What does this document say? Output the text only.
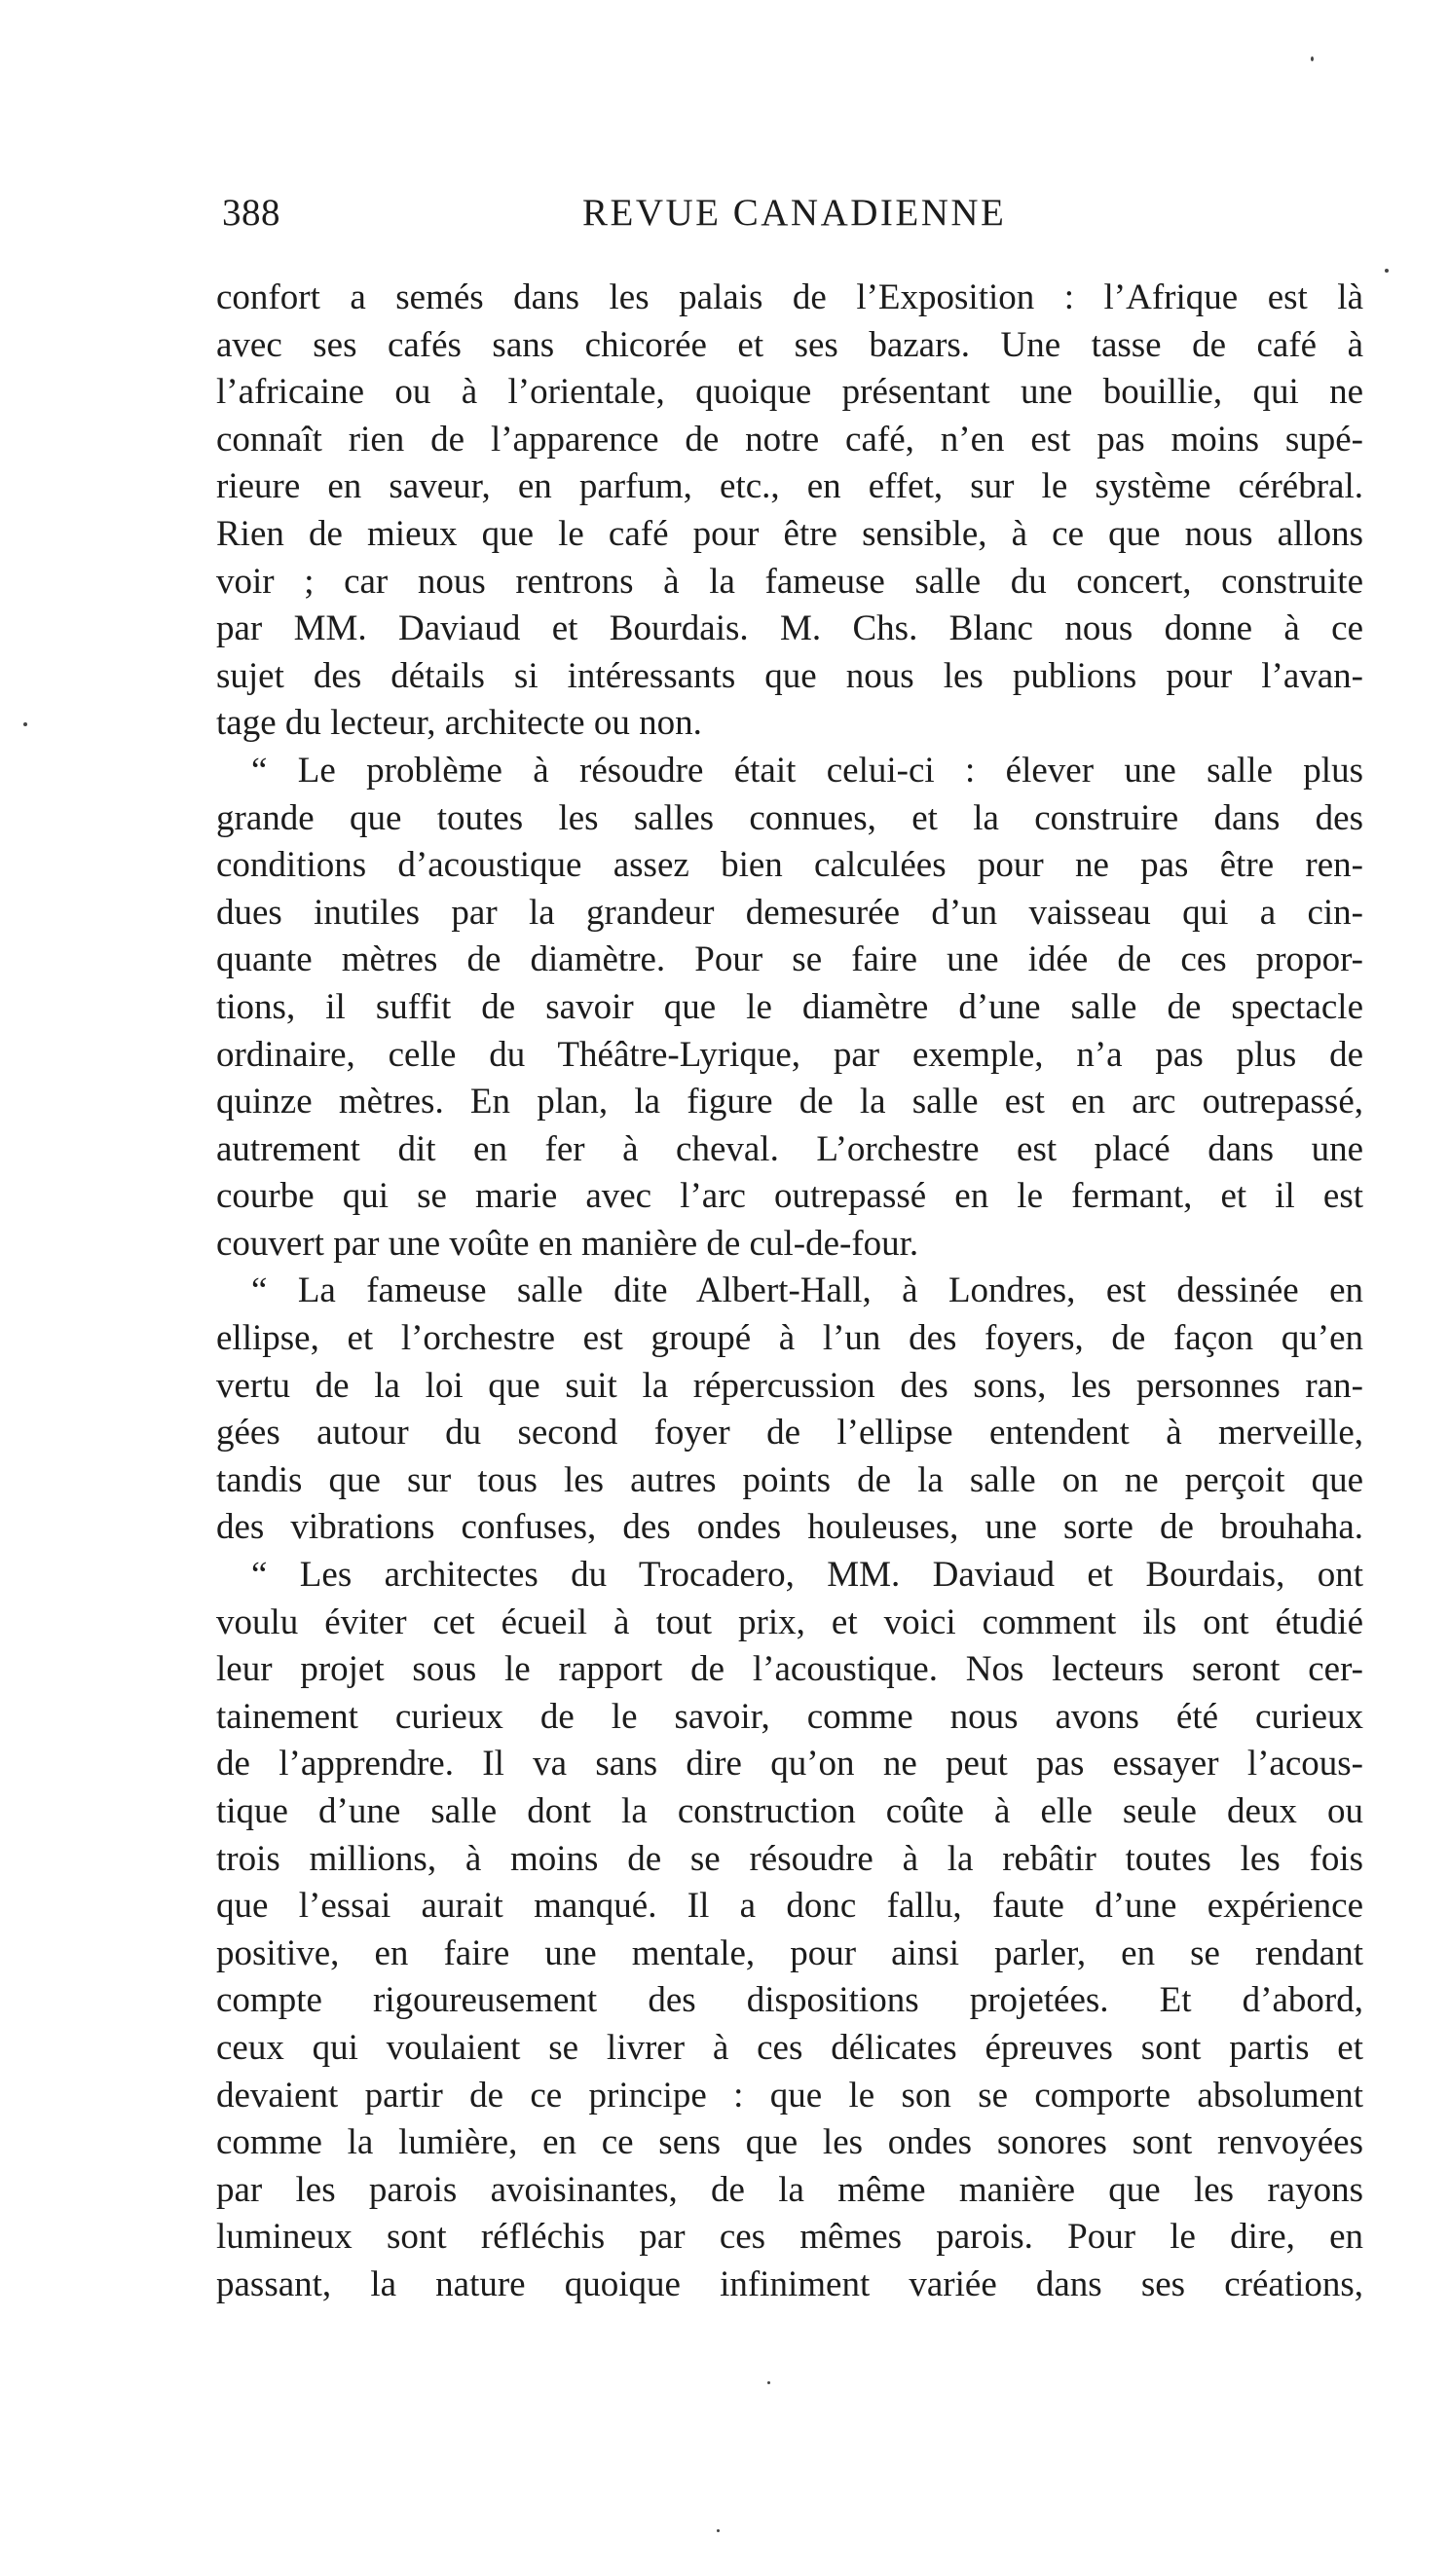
388	REVUE CANADIENNE
confort a semés dans les palais de l’Exposition : l’Afrique est là
avec ses cafés sans chicorée et ses bazars. Une tasse de café à
l’africaine ou à l’orientale, quoique présentant une bouillie, qui ne
connaît rien de l’apparence de notre café, n’en est pas moins supé-
rieure en saveur, en parfum, etc., en effet, sur le système cérébral.
Rien de mieux que le café pour être sensible, à ce que nous allons
voir ; car nous rentrons à la fameuse salle du concert, construite
par MM. Daviaud et Bourdais. M. Chs. Blanc nous donne à ce
sujet des détails si intéressants que nous les publions pour l’avan-
tage du lecteur, architecte ou non.
“ Le problème à résoudre était celui-ci : élever une salle plus
grande que toutes les salles connues, et la construire dans des
conditions d’acoustique assez bien calculées pour ne pas être ren-
dues inutiles par la grandeur demesurée d’un vaisseau qui a cin-
quante mètres de diamètre. Pour se faire une idée de ces propor-
tions, il suffit de savoir que le diamètre d’une salle de spectacle
ordinaire, celle du Théâtre-Lyrique, par exemple, n’a pas plus de
quinze mètres. En plan, la figure de la salle est en arc outrepassé,
autrement dit en fer à cheval. L’orchestre est placé dans une
courbe qui se marie avec l’arc outrepassé en le fermant, et il est
couvert par une voûte en manière de cul-de-four.
“ La fameuse salle dite Albert-Hall, à Londres, est dessinée en
ellipse, et l’orchestre est groupé à l’un des foyers, de façon qu’en
vertu de la loi que suit la répercussion des sons, les personnes ran-
gées autour du second foyer de l’ellipse entendent à merveille,
tandis que sur tous les autres points de la salle on ne perçoit que
des vibrations confuses, des ondes houleuses, une sorte de brouhaha.
“ Les architectes du Trocadero, MM. Daviaud et Bourdais, ont
voulu éviter cet écueil à tout prix, et voici comment ils ont étudié
leur projet sous le rapport de l’acoustique. Nos lecteurs seront cer-
tainement curieux de le savoir, comme nous avons été curieux
de l’apprendre. Il va sans dire qu’on ne peut pas essayer l’acous-
tique d’une salle dont la construction coûte à elle seule deux ou
trois millions, à moins de se résoudre à la rebâtir toutes les fois
que l’essai aurait manqué. Il a donc fallu, faute d’une expérience
positive, en faire une mentale, pour ainsi parler, en se rendant
compte rigoureusement des dispositions projetées. Et d’abord,
ceux qui voulaient se livrer à ces délicates épreuves sont partis et
devaient partir de ce principe : que le son se comporte absolument
comme la lumière, en ce sens que les ondes sonores sont renvoyées
par les parois avoisinantes, de la même manière que les rayons
lumineux sont réfléchis par ces mêmes parois. Pour le dire, en
passant, la nature quoique infiniment variée dans ses créations,
